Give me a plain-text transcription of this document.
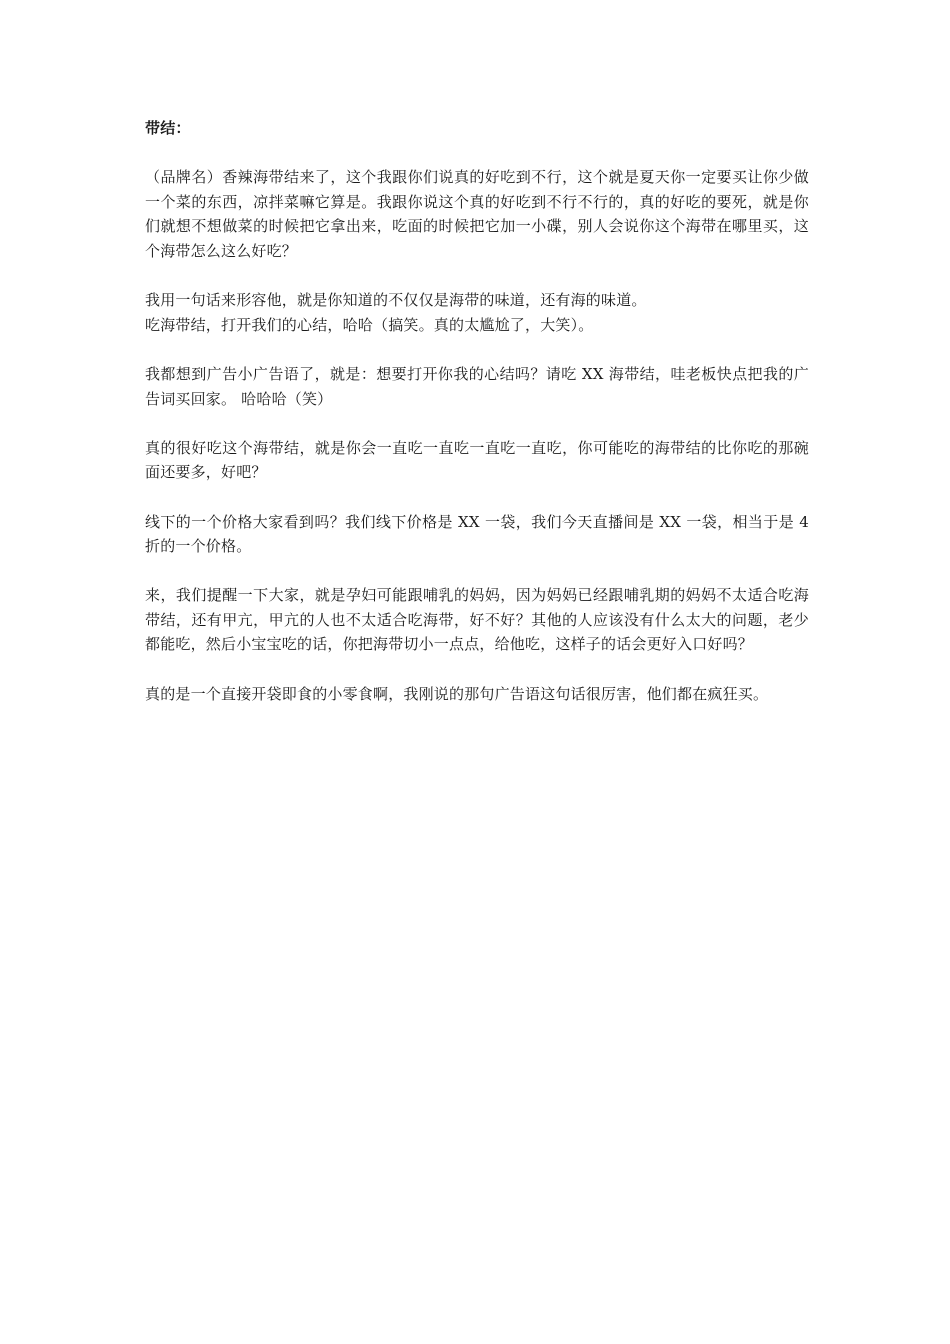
带结：
（品牌名）香辣海带结来了，这个我跟你们说真的好吃到不行，这个就是夏天你一定要买让你少做一个菜的东西，凉拌菜嘛它算是。我跟你说这个真的好吃到不行不行的，真的好吃的要死，就是你们就想不想做菜的时候把它拿出来，吃面的时候把它加一小碟，别人会说你这个海带在哪里买，这个海带怎么这么好吃？
我用一句话来形容他，就是你知道的不仅仅是海带的味道，还有海的味道。
吃海带结，打开我们的心结，哈哈（搞笑。真的太尴尬了，大笑）。
我都想到广告小广告语了，就是：想要打开你我的心结吗？请吃 XX 海带结，哇老板快点把我的广告词买回家。 哈哈哈（笑）
真的很好吃这个海带结，就是你会一直吃一直吃一直吃一直吃，你可能吃的海带结的比你吃的那碗面还要多，好吧？
线下的一个价格大家看到吗？我们线下价格是 XX 一袋，我们今天直播间是 XX 一袋，相当于是 4 折的一个价格。
来，我们提醒一下大家，就是孕妇可能跟哺乳的妈妈，因为妈妈已经跟哺乳期的妈妈不太适合吃海带结，还有甲亢，甲亢的人也不太适合吃海带，好不好？其他的人应该没有什么太大的问题，老少都能吃，然后小宝宝吃的话，你把海带切小一点点，给他吃，这样子的话会更好入口好吗？
真的是一个直接开袋即食的小零食啊，我刚说的那句广告语这句话很厉害，他们都在疯狂买。
